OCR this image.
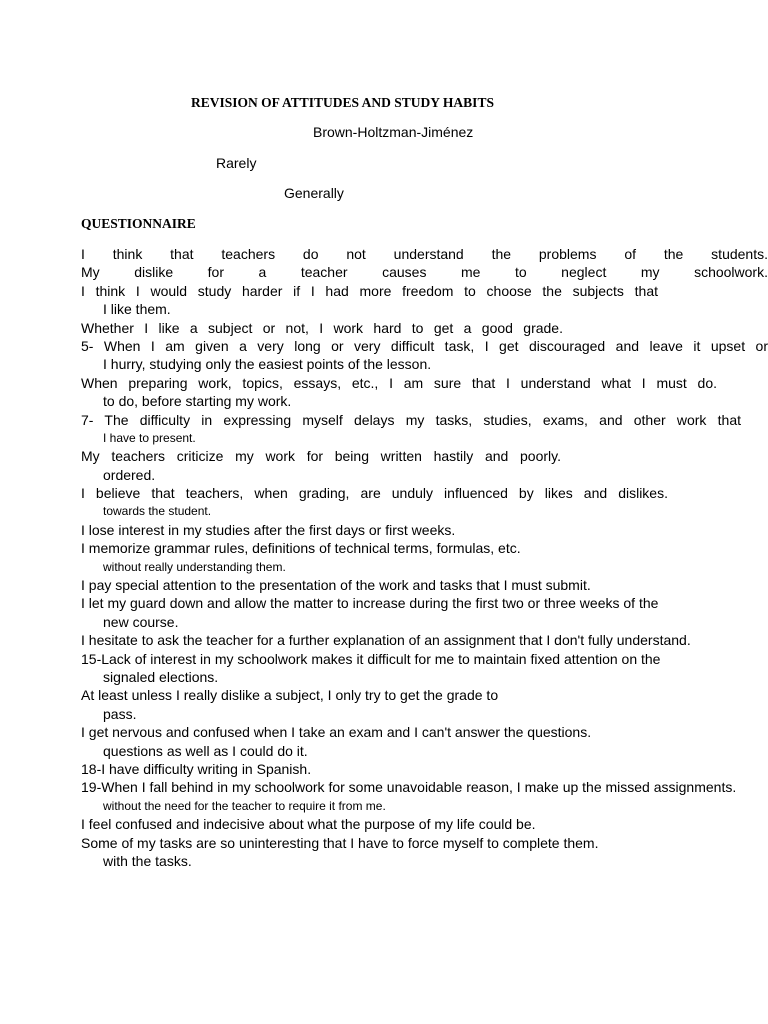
REVISION OF ATTITUDES AND STUDY HABITS
Brown-Holtzman-Jiménez
Rarely
Generally
QUESTIONNAIRE
I think that teachers do not understand the problems of the students.
My dislike for a teacher causes me to neglect my schoolwork.
I think I would study harder if I had more freedom to choose the subjects that
I like them.
Whether I like a subject or not, I work hard to get a good grade.
5- When I am given a very long or very difficult task, I get discouraged and leave it upset or
I hurry, studying only the easiest points of the lesson.
When preparing work, topics, essays, etc., I am sure that I understand what I must do.
to do, before starting my work.
7- The difficulty in expressing myself delays my tasks, studies, exams, and other work that
I have to present.
My teachers criticize my work for being written hastily and poorly.
ordered.
I believe that teachers, when grading, are unduly influenced by likes and dislikes.
towards the student.
I lose interest in my studies after the first days or first weeks.
I memorize grammar rules, definitions of technical terms, formulas, etc.
without really understanding them.
I pay special attention to the presentation of the work and tasks that I must submit.
I let my guard down and allow the matter to increase during the first two or three weeks of the
new course.
I hesitate to ask the teacher for a further explanation of an assignment that I don't fully understand.
15-Lack of interest in my schoolwork makes it difficult for me to maintain fixed attention on the
signaled elections.
At least unless I really dislike a subject, I only try to get the grade to
pass.
I get nervous and confused when I take an exam and I can't answer the questions.
questions as well as I could do it.
18-I have difficulty writing in Spanish.
19-When I fall behind in my schoolwork for some unavoidable reason, I make up the missed assignments.
without the need for the teacher to require it from me.
I feel confused and indecisive about what the purpose of my life could be.
Some of my tasks are so uninteresting that I have to force myself to complete them.
with the tasks.
